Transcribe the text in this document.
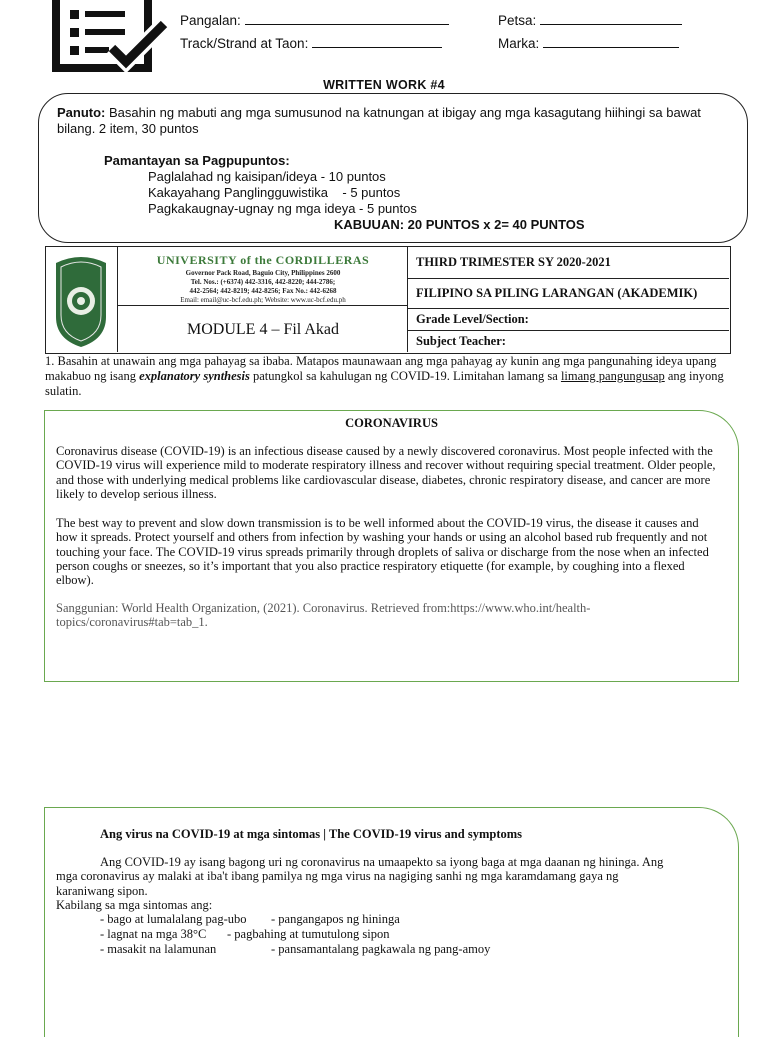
Pangalan:	Petsa:
Track/Strand at Taon:	Marka:
WRITTEN WORK #4
Panuto: Basahin ng mabuti ang mga sumusunod na katnungan at ibigay ang mga kasagutang hiihingi sa bawat bilang. 2 item, 30 puntos
Pamantayan sa Pagpupuntos:
Paglalahad ng kaisipan/ideya - 10 puntos
Kakayahang Panglingguwistika    - 5 puntos
Pagkakaugnay-ugnay ng mga ideya - 5 puntos
KABUUAN: 20 PUNTOS x 2= 40 PUNTOS
UNIVERSITY of the CORDILLERAS
Governor Pack Road, Baguio City, Philippines 2600
Tel. Nos.: (+6374) 442-3316, 442-8220; 444-2786;
442-2564; 442-8219; 442-8256; Fax No.: 442-6268
Email: email@uc-bcf.edu.ph; Website: www.uc-bcf.edu.ph
MODULE 4 – Fil Akad
THIRD TRIMESTER SY 2020-2021
FILIPINO SA PILING LARANGAN (AKADEMIK)
Grade Level/Section:
Subject Teacher:
1. Basahin at unawain ang mga pahayag sa ibaba. Matapos maunawaan ang mga pahayag ay kunin ang mga pangunahing ideya upang makabuo ng isang explanatory synthesis patungkol sa kahulugan ng COVID-19. Limitahan lamang sa limang pangungusap ang inyong sulatin.
CORONAVIRUS
Coronavirus disease (COVID-19) is an infectious disease caused by a newly discovered coronavirus. Most people infected with the COVID-19 virus will experience mild to moderate respiratory illness and recover without requiring special treatment. Older people, and those with underlying medical problems like cardiovascular disease, diabetes, chronic respiratory disease, and cancer are more likely to develop serious illness.
The best way to prevent and slow down transmission is to be well informed about the COVID-19 virus, the disease it causes and how it spreads. Protect yourself and others from infection by washing your hands or using an alcohol based rub frequently and not touching your face. The COVID-19 virus spreads primarily through droplets of saliva or discharge from the nose when an infected person coughs or sneezes, so it’s important that you also practice respiratory etiquette (for example, by coughing into a flexed elbow).
Sanggunian: World Health Organization, (2021). Coronavirus. Retrieved from:https://www.who.int/health-topics/coronavirus#tab=tab_1.
Ang virus na COVID-19 at mga sintomas | The COVID-19 virus and symptoms
Ang COVID-19 ay isang bagong uri ng coronavirus na umaapekto sa iyong baga at mga daanan ng hininga. Ang mga coronavirus ay malaki at iba't ibang pamilya ng mga virus na nagiging sanhi ng mga karamdamang gaya ng karaniwang sipon.
Kabilang sa mga sintomas ang:
- bago at lumalalang pag-ubo - pangangapos ng hininga
- lagnat na mga 38°C - pagbahing at tumutulong sipon
- masakit na lalamunan	- pansamantalang pagkawala ng pang-amoy
